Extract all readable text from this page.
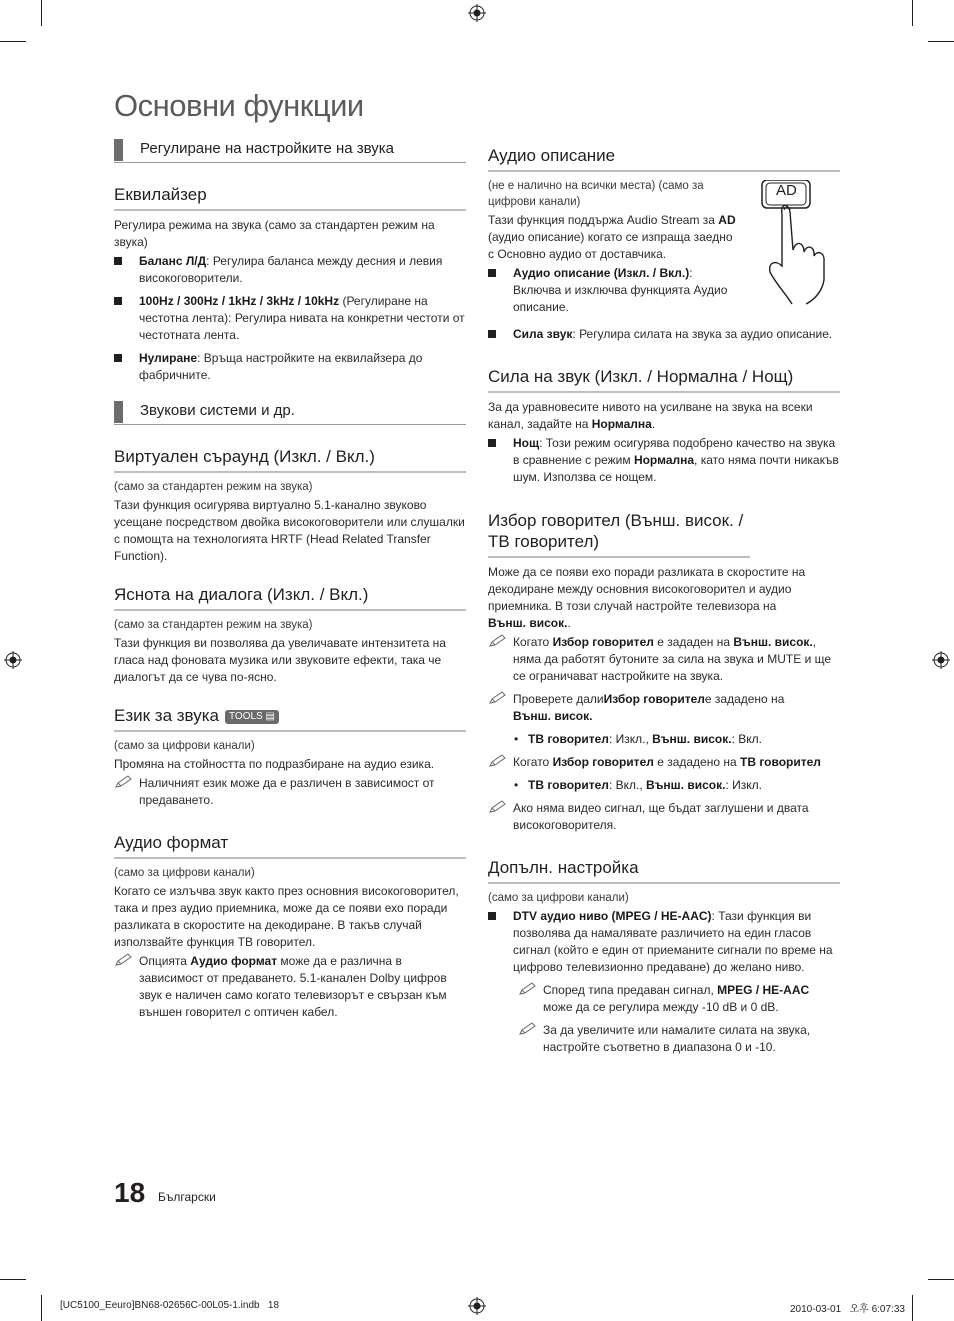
Основни функции
Регулиране на настройките на звука
Еквилайзер

Регулира режима на звука (само за стандартен режим на звука)

Баланс Л/Д: Регулира баланса между десния и левия високоговорители.
100Hz / 300Hz / 1kHz / 3kHz / 10kHz (Регулиране на честотна лента): Регулира нивата на конкретни честоти от честотната лента.
Нулиране: Връща настройките на еквилайзера до фабричните.
Звукови системи и др.
Виртуален съраунд (Изкл. / Вкл.)

(само за стандартен режим на звука)

Тази функция осигурява виртуално 5.1-канално звуково усещане посредством двойка високоговорители или слушалки с помощта на технологията HRTF (Head Related Transfer Function).

Яснота на диалога (Изкл. / Вкл.)

(само за стандартен режим на звука)

Тази функция ви позволява да увеличавате интензитета на гласа над фоновата музика или звуковите ефекти, така че диалогът да се чува по-ясно.

Език за звука TOOLS ▤

(само за цифрови канали)

Промяна на стойността по подразбиране на аудио езика.

Наличният език може да е различен в зависимост от предаването.
Аудио формат

(само за цифрови канали)

Когато се излъчва звук както през основния високоговорител, така и през аудио приемника, може да се появи ехо поради разликата в скоростите на декодиране. В такъв случай използвайте функция ТВ говорител.

Опцията Аудио формат може да е различна в зависимост от предаването. 5.1-канален Dolby цифров звук е наличен само когато телевизорът е свързан към външен говорител с оптичен кабел.
Аудио описание

(не е налично на всички места) (само за цифрови канали)

Тази функция поддържа Audio Stream за AD (аудио описание) когато се изпраща заедно с Основно аудио от доставчика.

Аудио описание (Изкл. / Вкл.): Включва и изключва функцията Аудио описание.
AD
Сила звук: Регулира силата на звука за аудио описание.
Сила на звук (Изкл. / Нормална / Нощ)

За да уравновесите нивото на усилване на звука на всеки канал, задайте на Нормална.

Нощ: Този режим осигурява подобрено качество на звука в сравнение с режим Нормална, като няма почти никакъв шум. Използва се нощем.
Избор говорител (Външ. висок. / ТВ говорител)

Може да се появи ехо поради разликата в скоростите на декодиране между основния високоговорител и аудио приемника. В този случай настройте телевизора на
Външ. висок..

Когато Избор говорител е зададен на Външ. висок., няма да работят бутоните за сила на звука и MUTE и ще се ограничават настройките на звука.
Проверете далиИзбор говорителе зададено на
Външ. висок.
• ТВ говорител: Изкл., Външ. висок.: Вкл.
Когато Избор говорител е зададено на ТВ говорител
• ТВ говорител: Вкл., Външ. висок.: Изкл.
Ако няма видео сигнал, ще бъдат заглушени и двата високоговорителя.
Допълн. настройка

(само за цифрови канали)

DTV аудио ниво (MPEG / HE-AAC): Тази функция ви позволява да намалявате различието на един гласов сигнал (който е един от приеманите сигнали по време на цифрово телевизионно предаване) до желано ниво.
Според типа предаван сигнал, MPEG / HE-AAC може да се регулира между -10 dB и 0 dB.
За да увеличите или намалите силата на звука, настройте съответно в диапазона 0 и -10.
18 Български
[UC5100_Eeuro]BN68-02656C-00L05-1.indb   18	2010-03-01   오후 6:07:33
